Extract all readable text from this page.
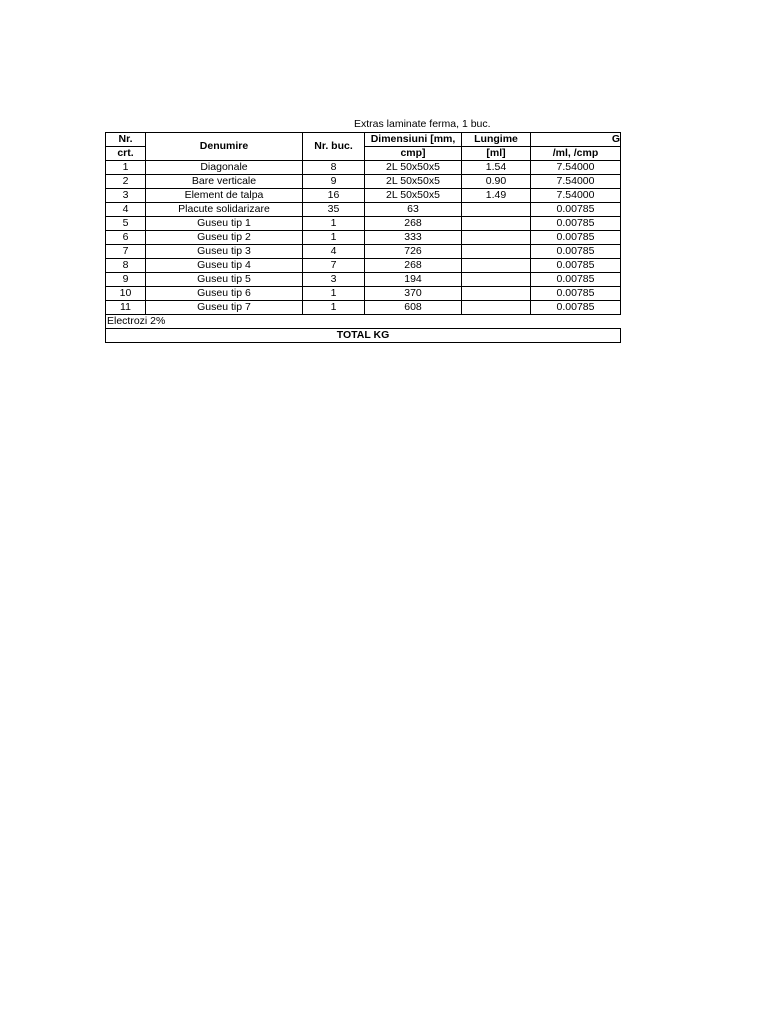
Extras laminate ferma, 1 buc.
Nr.	Denumire	Nr. buc.	Dimensiuni [mm,	Lungime	G
crt.			cmp]	[ml]	/ml, /cmp
1	Diagonale	8	2L 50x50x5	1.54	7.54000
2	Bare verticale	9	2L 50x50x5	0.90	7.54000
3	Element de talpa	16	2L 50x50x5	1.49	7.54000
4	Placute solidarizare	35	63		0.00785
5	Guseu tip 1	1	268		0.00785
6	Guseu tip 2	1	333		0.00785
7	Guseu tip 3	4	726		0.00785
8	Guseu tip 4	7	268		0.00785
9	Guseu tip 5	3	194		0.00785
10	Guseu tip 6	1	370		0.00785
11	Guseu tip 7	1	608		0.00785
Electrozi 2%					
TOTAL KG					
